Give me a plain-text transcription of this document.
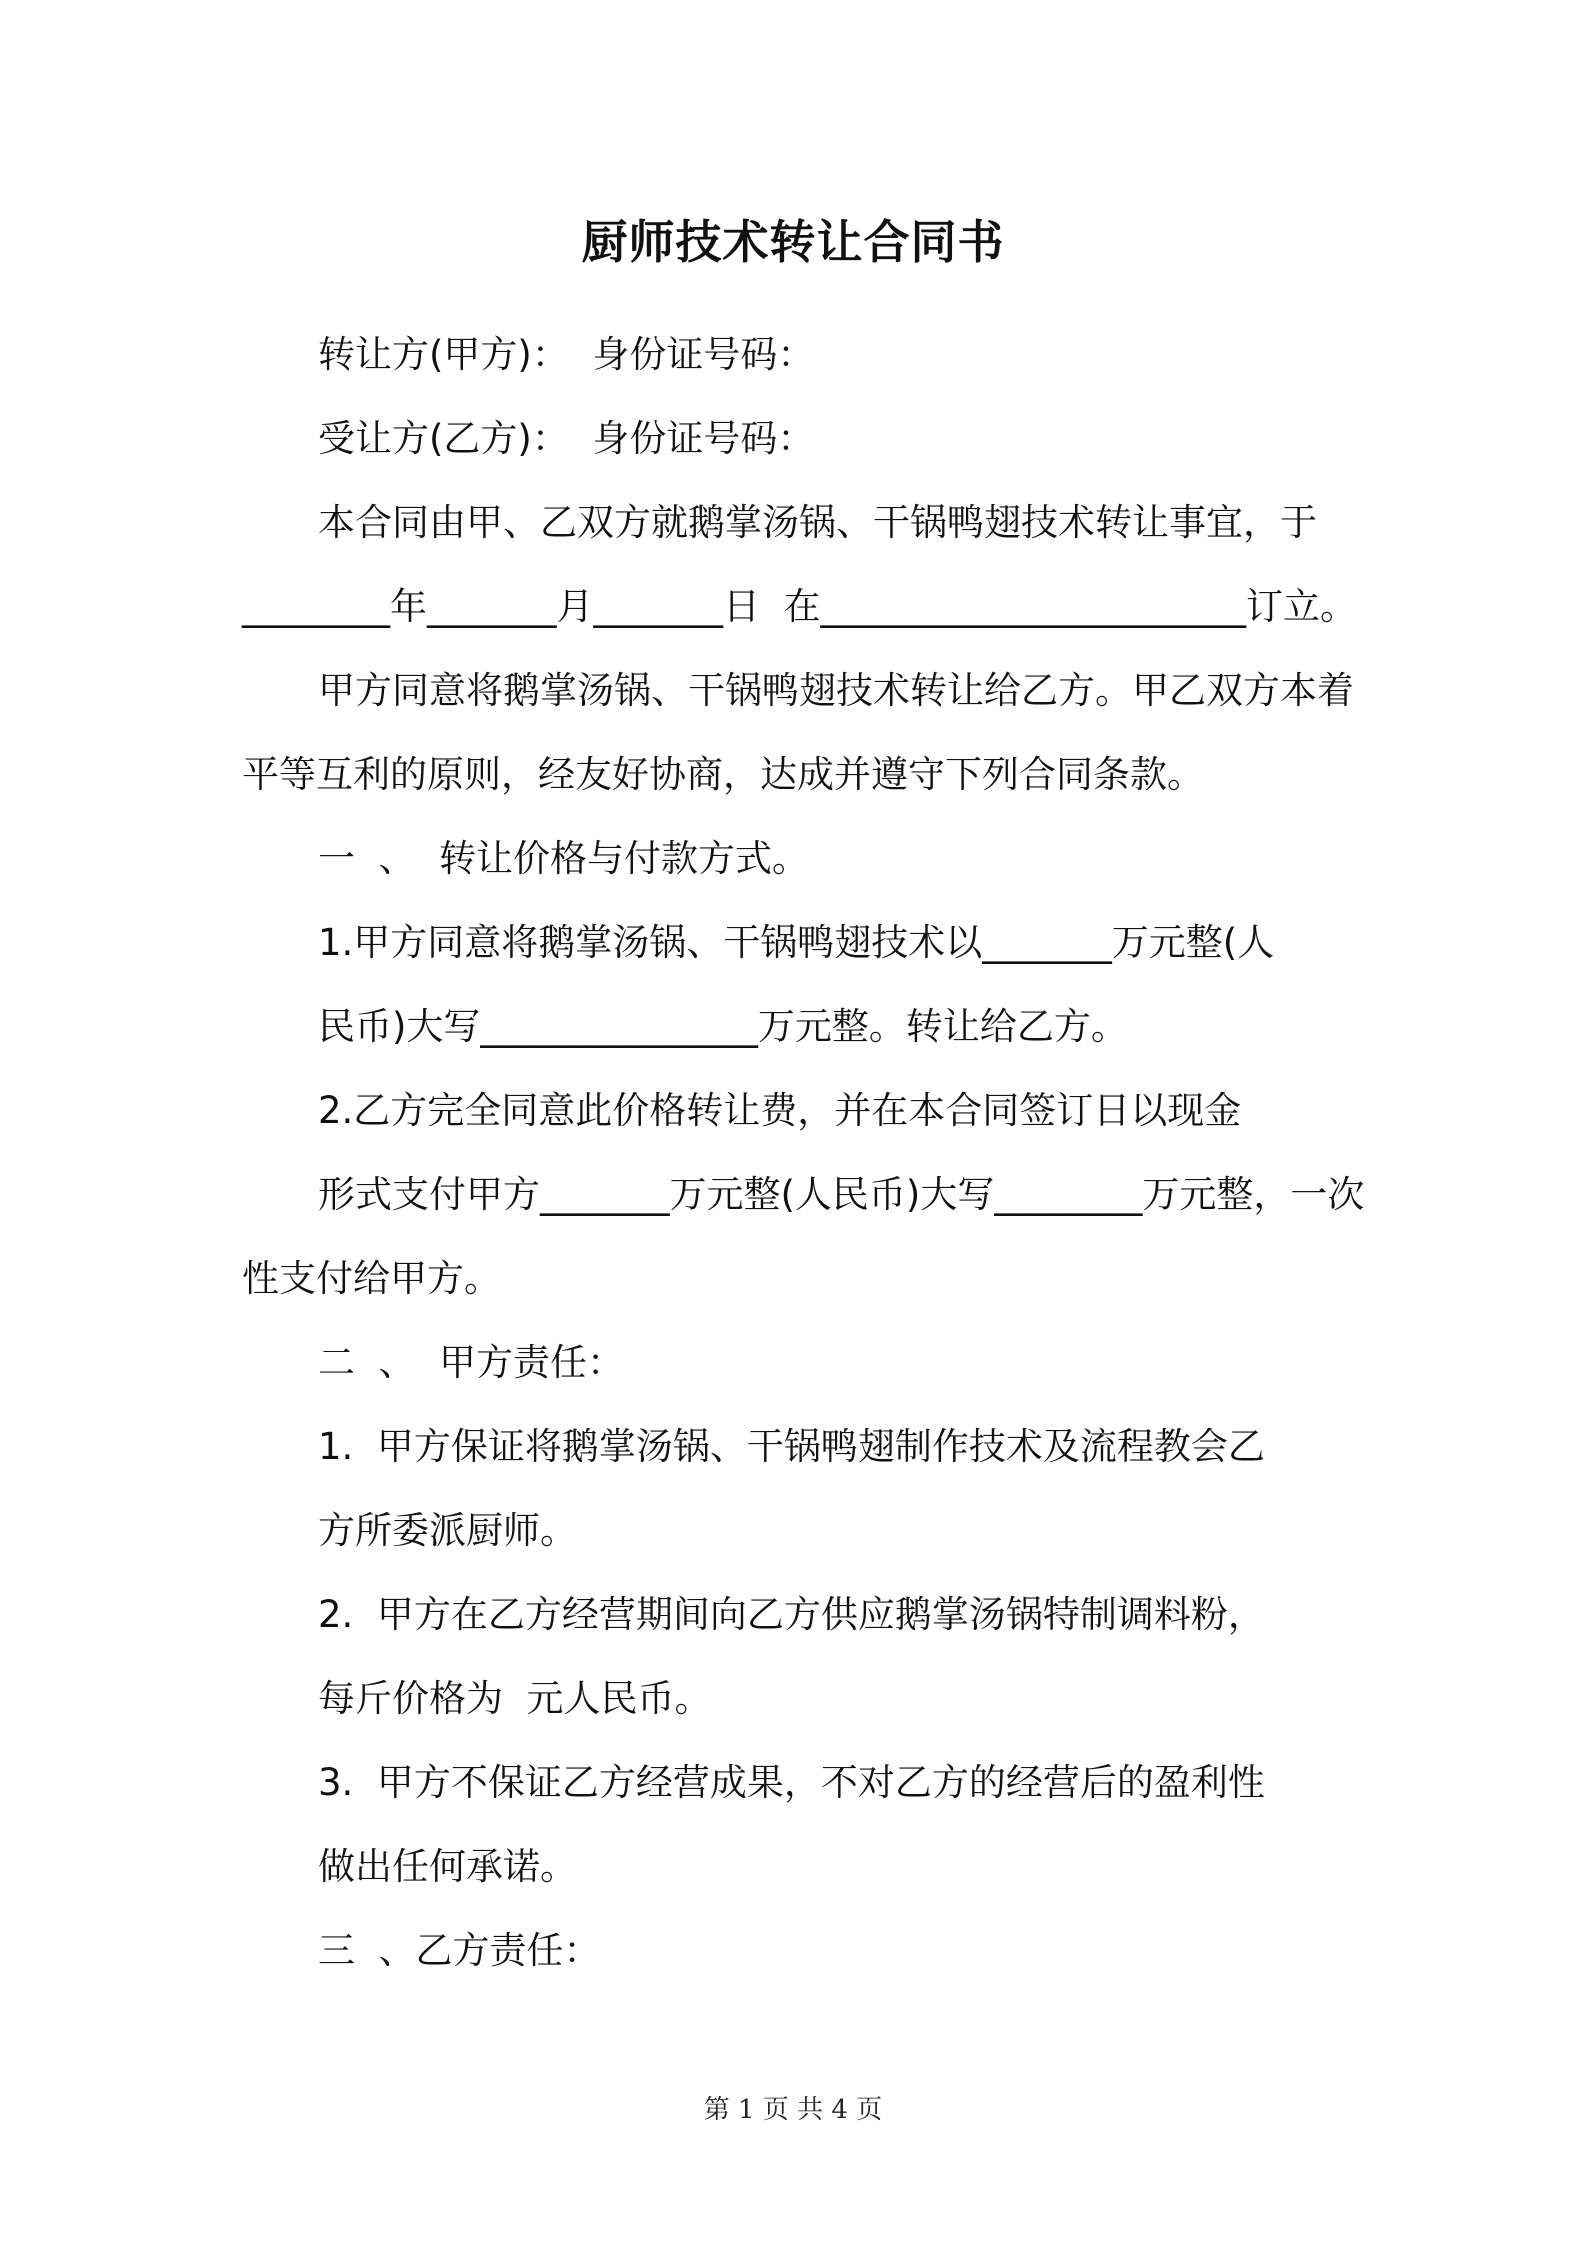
厨师技术转让合同书
转让方(甲方)：  身份证号码：
受让方(乙方)：  身份证号码：
本合同由甲、乙双方就鹅掌汤锅、干锅鸭翅技术转让事宜，于
________年_______月_______日  在_______________________订立。
甲方同意将鹅掌汤锅、干锅鸭翅技术转让给乙方。甲乙双方本着
平等互利的原则，经友好协商，达成并遵守下列合同条款。
一  、  转让价格与付款方式。
1.甲方同意将鹅掌汤锅、干锅鸭翅技术以_______万元整(人
民币)大写_______________万元整。转让给乙方。
2.乙方完全同意此价格转让费，并在本合同签订日以现金
形式支付甲方_______万元整(人民币)大写________万元整，一次
性支付给甲方。
二  、  甲方责任：
1.  甲方保证将鹅掌汤锅、干锅鸭翅制作技术及流程教会乙
方所委派厨师。
2.  甲方在乙方经营期间向乙方供应鹅掌汤锅特制调料粉，
每斤价格为  元人民币。
3.  甲方不保证乙方经营成果，不对乙方的经营后的盈利性
做出任何承诺。
三  、乙方责任：
第 1 页 共 4 页
